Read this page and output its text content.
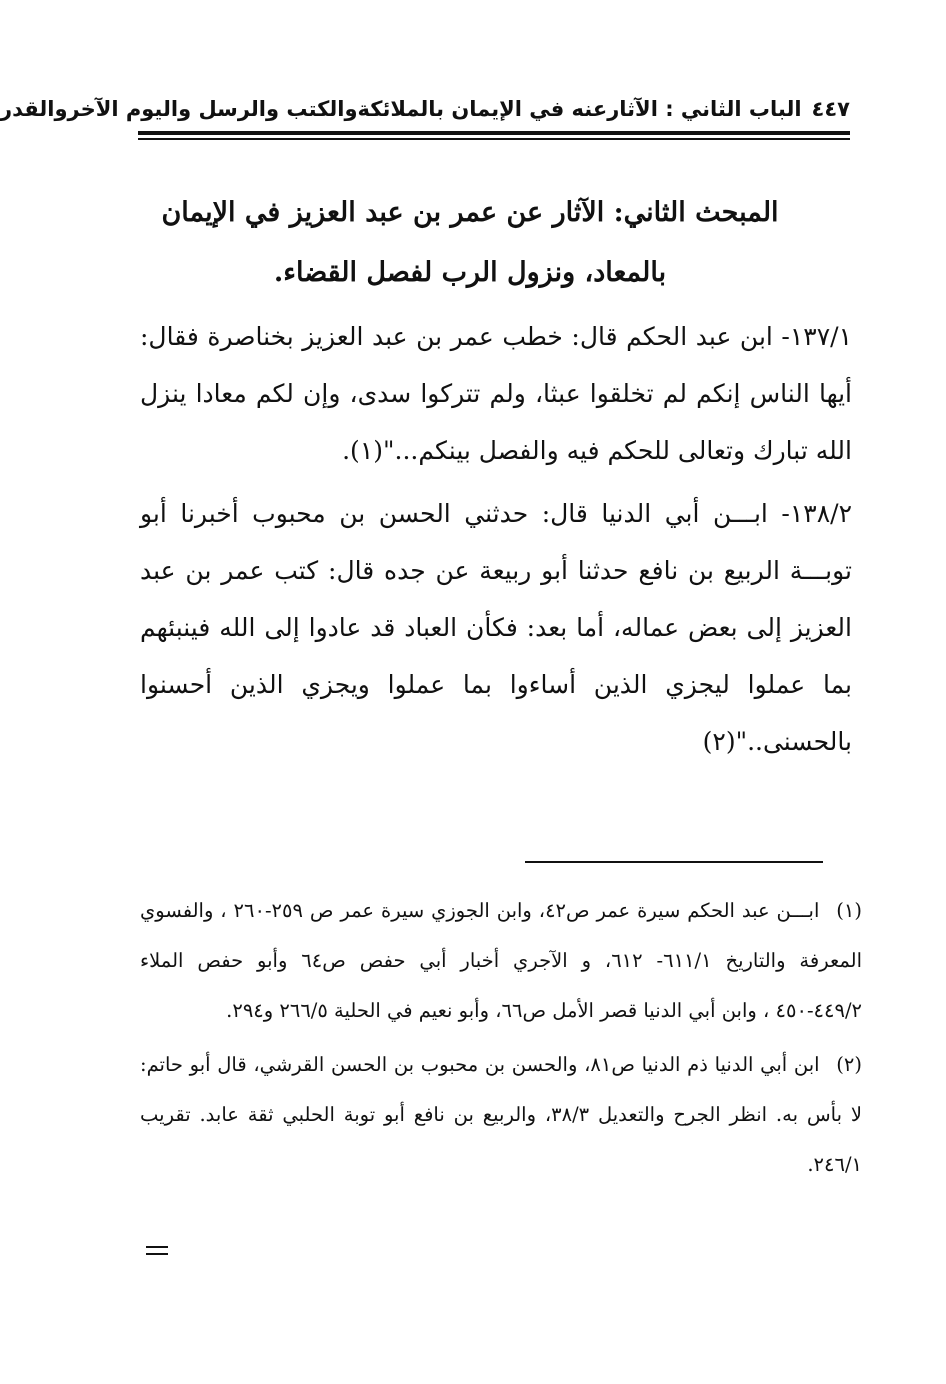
٤٤٧
الباب الثاني : الآثارعنه في الإيمان بالملائكةوالكتب والرسل واليوم الآخروالقدر
المبحث الثاني: الآثار عن عمر بن عبد العزيز في الإيمان بالمعاد، ونزول الرب لفصل القضاء.

١٣٧/١- ابن عبد الحكم قال: خطب عمر بن عبد العزيز بخناصرة فقال: أيها الناس إنكم لم تخلقوا عبثا، ولم تتركوا سدى، وإن لكم معادا ينزل الله تبارك وتعالى للحكم فيه والفصل بينكم..."(١).

١٣٨/٢- ابـــن أبي الدنيا قال: حدثني الحسن بن محبوب أخبرنا أبو توبـــة الربيع بن نافع حدثنا أبو ربيعة عن جده قال: كتب عمر بن عبد العزيز إلى بعض عماله، أما بعد: فكأن العباد قد عادوا إلى الله فينبئهم بما عملوا ليجزي الذين أساءوا بما عملوا ويجزي الذين أحسنوا بالحسنى.."(٢)

(١) ابـــن عبد الحكم سيرة عمر ص٤٢، وابن الجوزي سيرة عمر ص ٢٥٩-٢٦٠ ، والفسوي المعرفة والتاريخ ٦١١/١- ٦١٢، و الآجري أخبار أبي حفص ص٦٤ وأبو حفص الملاء ٤٤٩/٢-٤٥٠ ، وابن أبي الدنيا قصر الأمل ص٦٦، وأبو نعيم في الحلية ٢٦٦/٥ و٢٩٤.

(٢) ابن أبي الدنيا ذم الدنيا ص٨١، والحسن بن محبوب بن الحسن القرشي، قال أبو حاتم: لا بأس به. انظر الجرح والتعديل ٣٨/٣، والربيع بن نافع أبو توبة الحلبي ثقة عابد. تقريب ٢٤٦/١.
